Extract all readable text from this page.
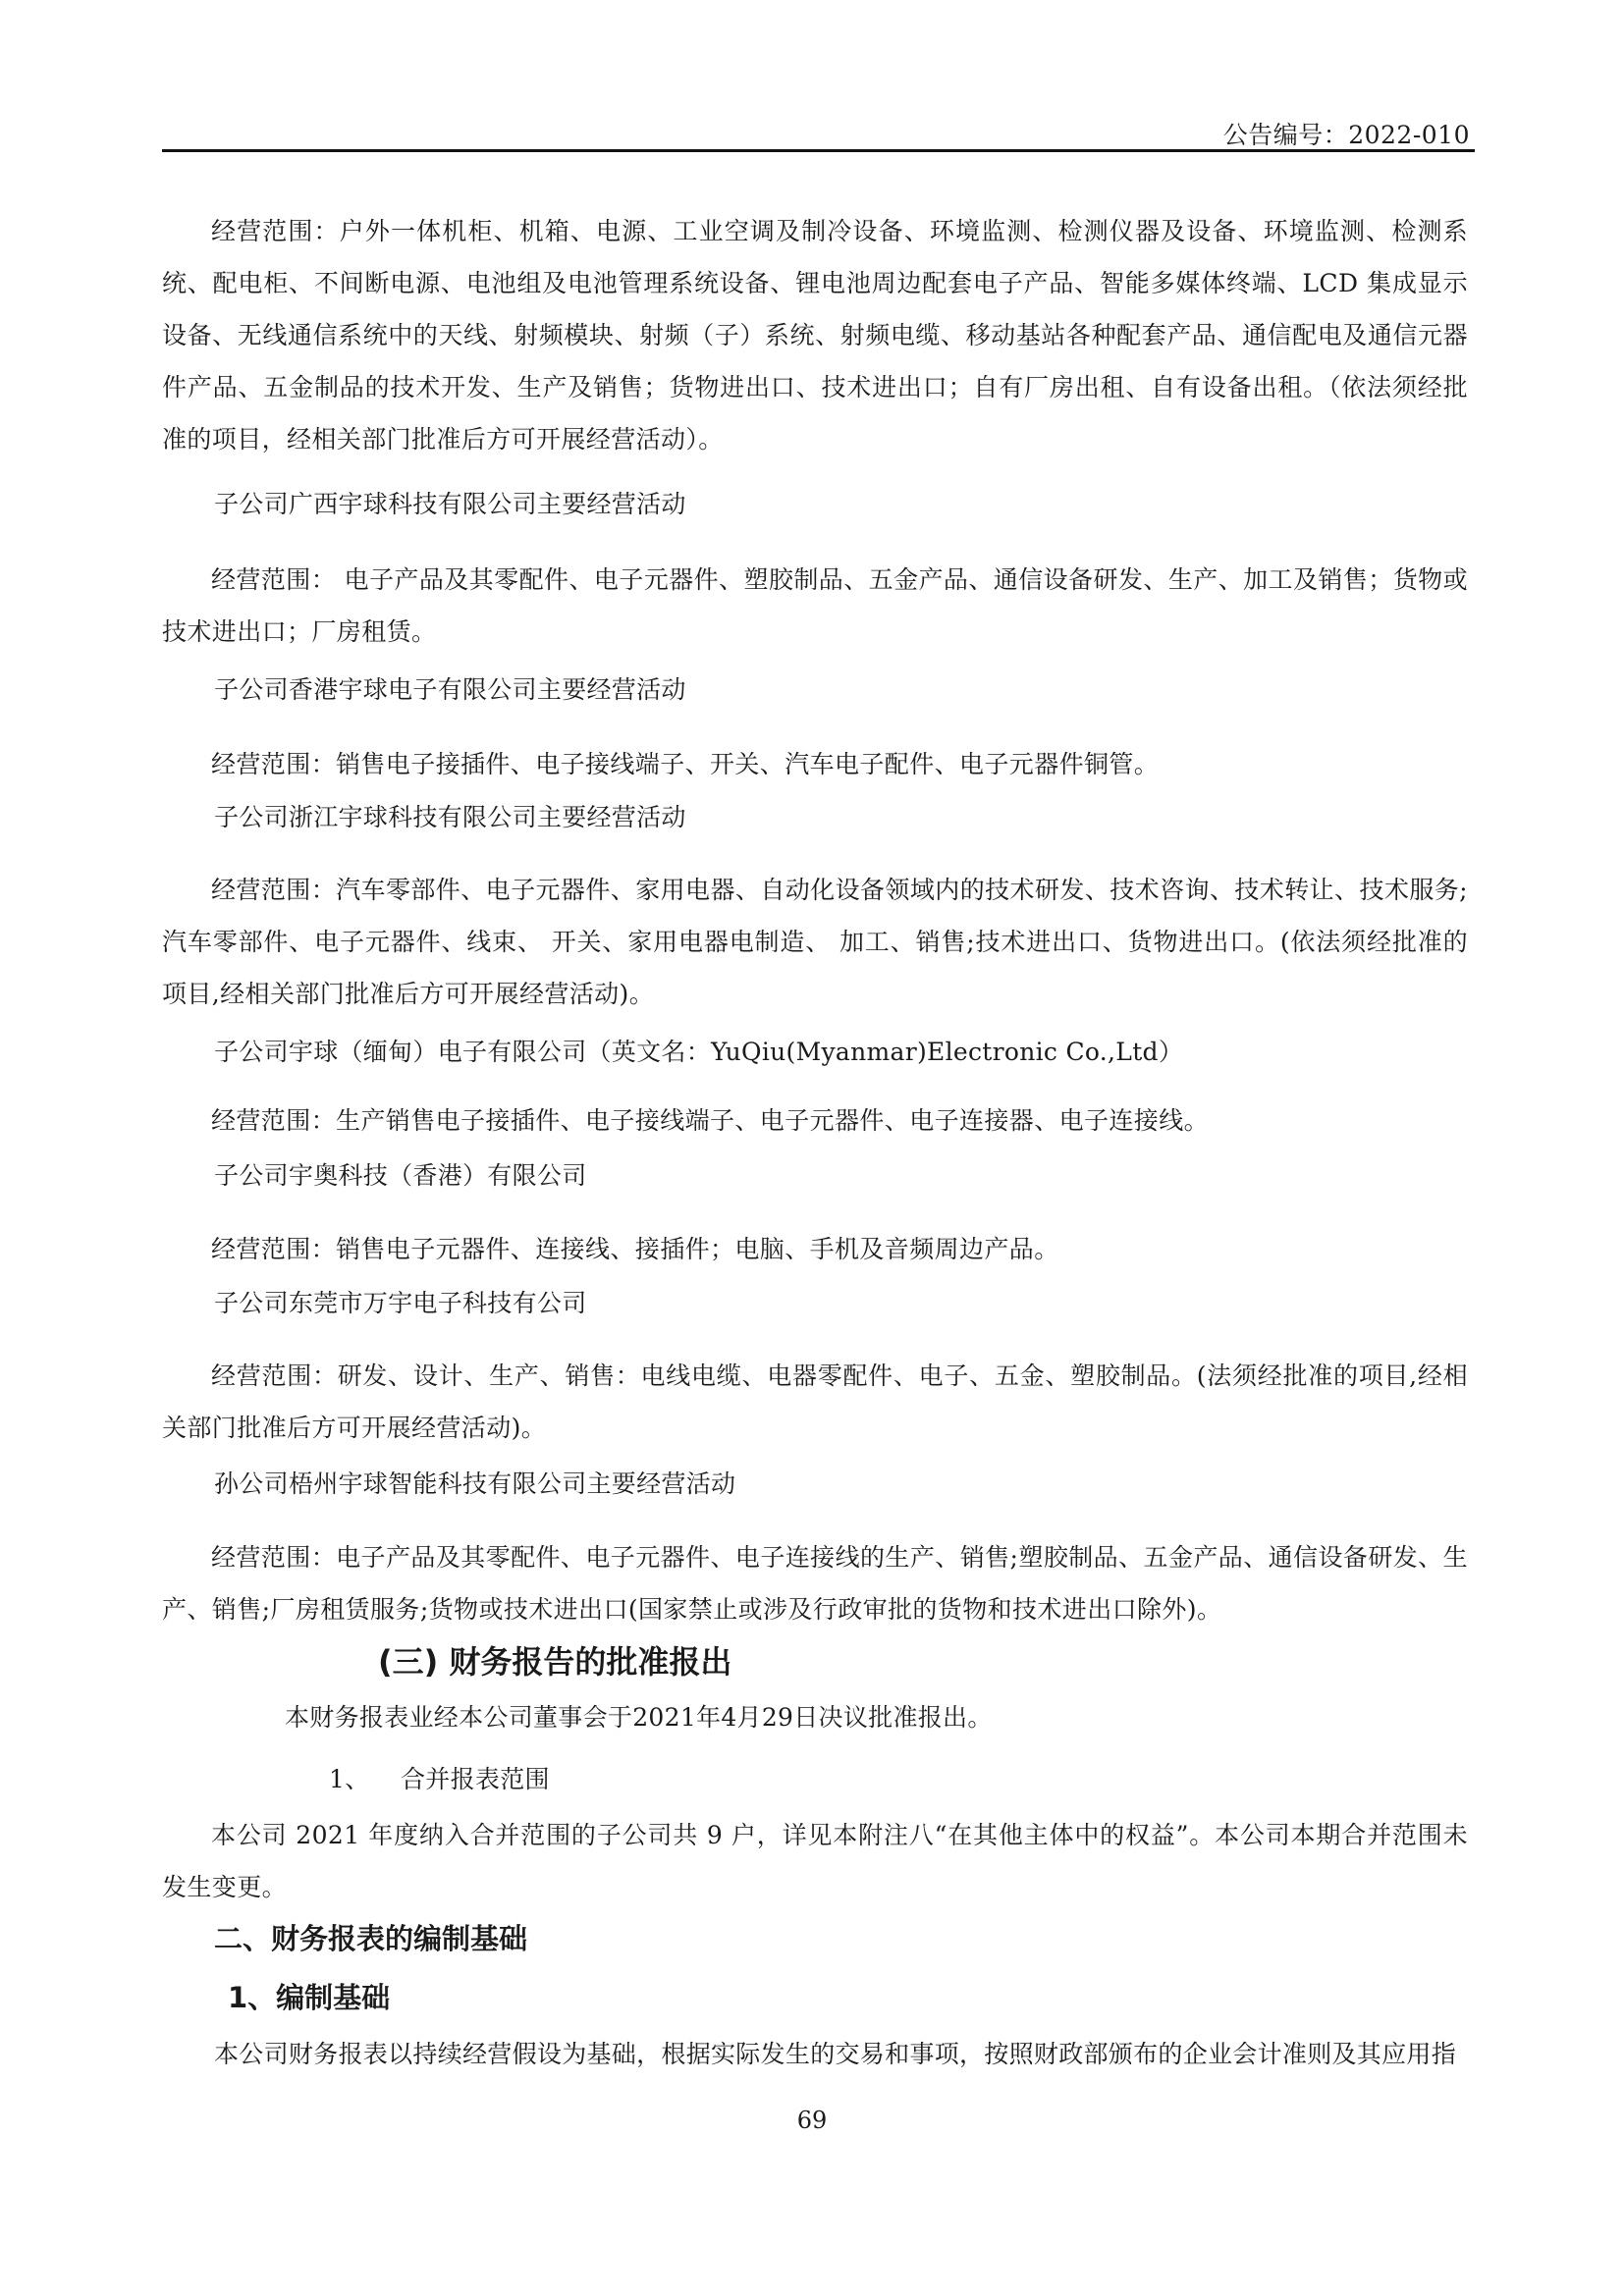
公告编号：2022-010

经营范围：户外一体机柜、机箱、电源、工业空调及制冷设备、环境监测、检测仪器及设备、环境监测、检测系统、配电柜、不间断电源、电池组及电池管理系统设备、锂电池周边配套电子产品、智能多媒体终端、LCD 集成显示设备、无线通信系统中的天线、射频模块、射频（子）系统、射频电缆、移动基站各种配套产品、通信配电及通信元器件产品、五金制品的技术开发、生产及销售；货物进出口、技术进出口；自有厂房出租、自有设备出租。（依法须经批准的项目，经相关部门批准后方可开展经营活动）。

子公司广西宇球科技有限公司主要经营活动

经营范围： 电子产品及其零配件、电子元器件、塑胶制品、五金产品、通信设备研发、生产、加工及销售；货物或技术进出口；厂房租赁。

子公司香港宇球电子有限公司主要经营活动

经营范围：销售电子接插件、电子接线端子、开关、汽车电子配件、电子元器件铜管。

子公司浙江宇球科技有限公司主要经营活动

经营范围：汽车零部件、电子元器件、家用电器、自动化设备领域内的技术研发、技术咨询、技术转让、技术服务;汽车零部件、电子元器件、线束、 开关、家用电器电制造、 加工、销售;技术进出口、货物进出口。(依法须经批准的项目,经相关部门批准后方可开展经营活动)。

子公司宇球（缅甸）电子有限公司（英文名：YuQiu(Myanmar)Electronic Co.,Ltd）

经营范围：生产销售电子接插件、电子接线端子、电子元器件、电子连接器、电子连接线。

子公司宇奥科技（香港）有限公司

经营范围：销售电子元器件、连接线、接插件；电脑、手机及音频周边产品。

子公司东莞市万宇电子科技有公司

经营范围：研发、设计、生产、销售：电线电缆、电器零配件、电子、五金、塑胶制品。(法须经批准的项目,经相关部门批准后方可开展经营活动)。

孙公司梧州宇球智能科技有限公司主要经营活动

经营范围：电子产品及其零配件、电子元器件、电子连接线的生产、销售;塑胶制品、五金产品、通信设备研发、生产、销售;厂房租赁服务;货物或技术进出口(国家禁止或涉及行政审批的货物和技术进出口除外)。

(三) 财务报告的批准报出
本财务报表业经本公司董事会于2021年4月29日决议批准报出。
1、 合并报表范围

本公司 2021 年度纳入合并范围的子公司共 9 户，详见本附注八“在其他主体中的权益”。本公司本期合并范围未发生变更。

二、财务报表的编制基础
1、编制基础
本公司财务报表以持续经营假设为基础，根据实际发生的交易和事项，按照财政部颁布的企业会计准则及其应用指
69
